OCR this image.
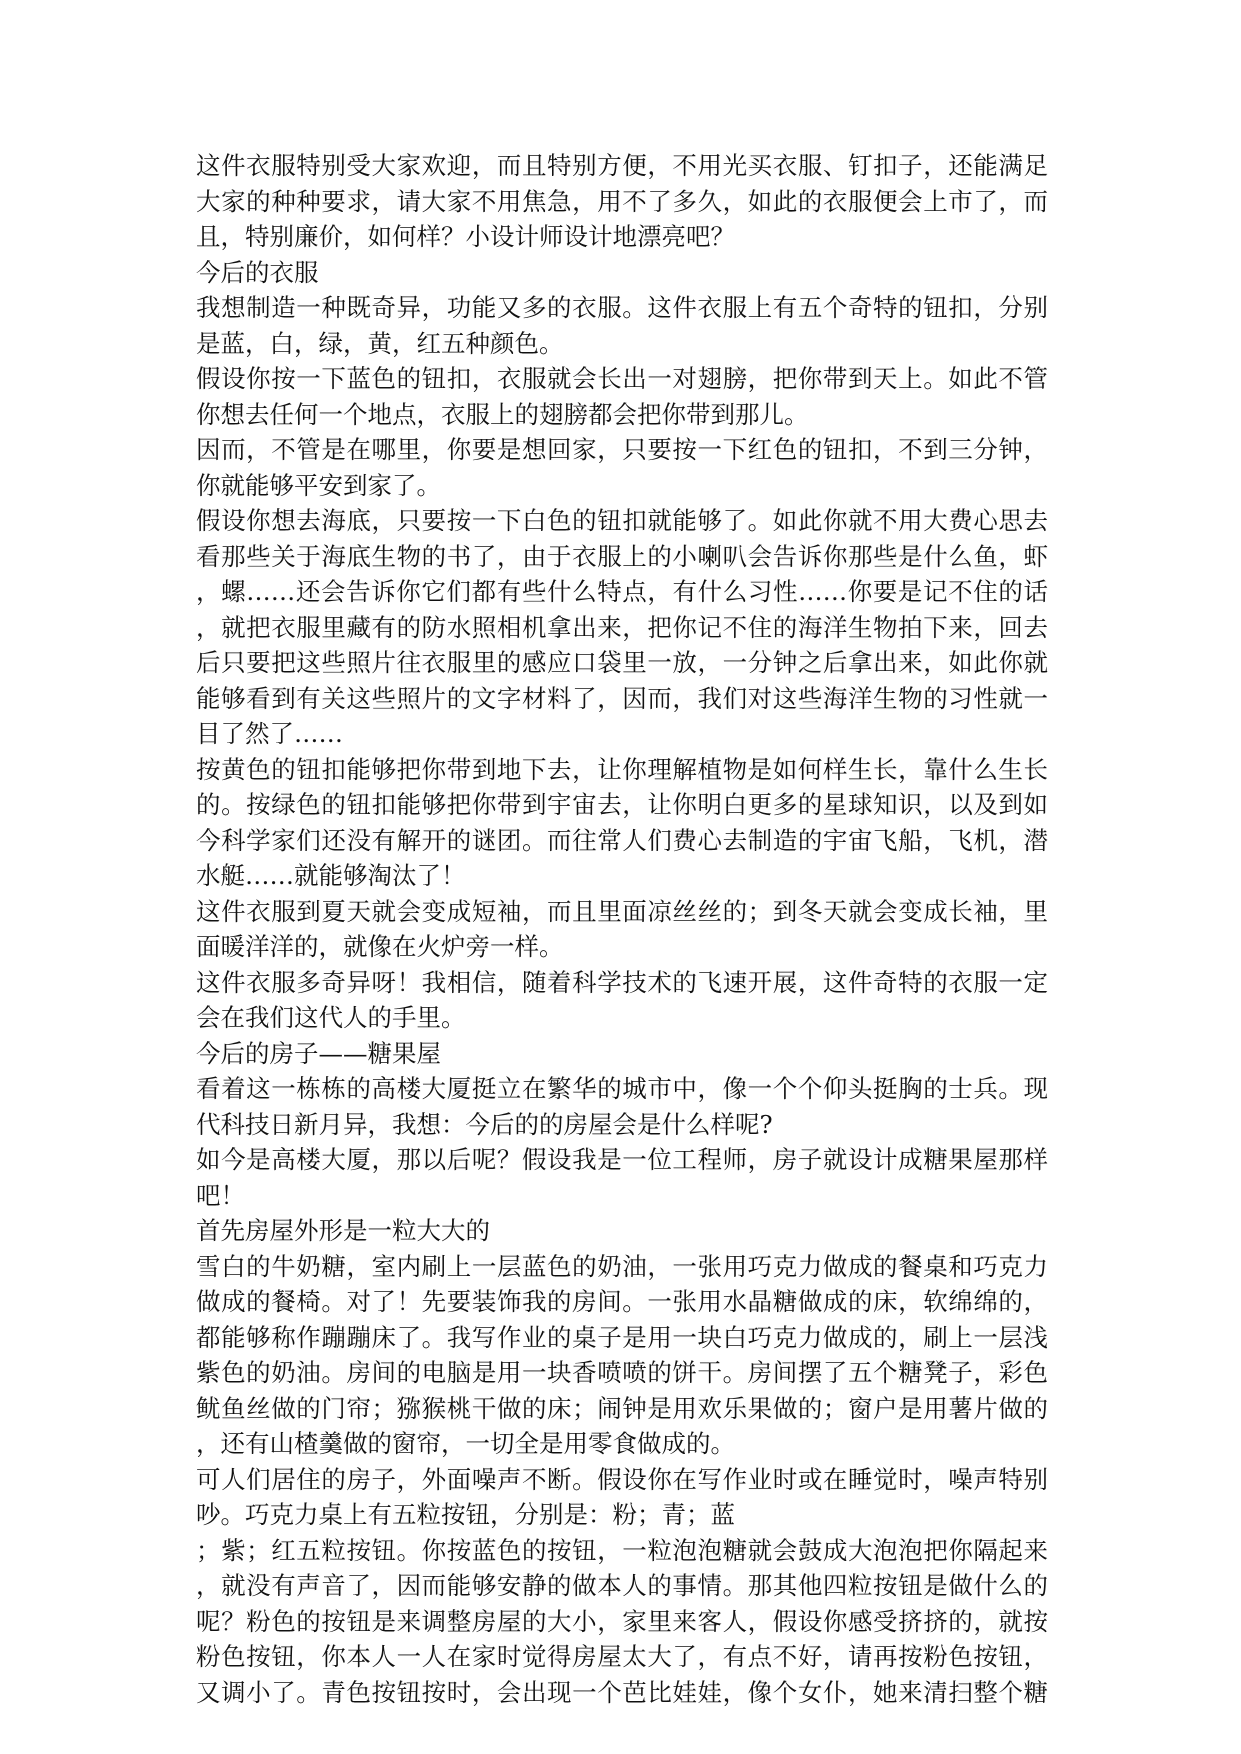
这件衣服特别受大家欢迎，而且特别方便，不用光买衣服、钉扣子，还能满足
大家的种种要求，请大家不用焦急，用不了多久，如此的衣服便会上市了，而
且，特别廉价，如何样？小设计师设计地漂亮吧？
今后的衣服
我想制造一种既奇异，功能又多的衣服。这件衣服上有五个奇特的钮扣，分别
是蓝，白，绿，黄，红五种颜色。
假设你按一下蓝色的钮扣，衣服就会长出一对翅膀，把你带到天上。如此不管
你想去任何一个地点，衣服上的翅膀都会把你带到那儿。
因而，不管是在哪里，你要是想回家，只要按一下红色的钮扣，不到三分钟，
你就能够平安到家了。
假设你想去海底，只要按一下白色的钮扣就能够了。如此你就不用大费心思去
看那些关于海底生物的书了，由于衣服上的小喇叭会告诉你那些是什么鱼，虾
，螺……还会告诉你它们都有些什么特点，有什么习性……你要是记不住的话
，就把衣服里藏有的防水照相机拿出来，把你记不住的海洋生物拍下来，回去
后只要把这些照片往衣服里的感应口袋里一放，一分钟之后拿出来，如此你就
能够看到有关这些照片的文字材料了，因而，我们对这些海洋生物的习性就一
目了然了……
按黄色的钮扣能够把你带到地下去，让你理解植物是如何样生长，靠什么生长
的。按绿色的钮扣能够把你带到宇宙去，让你明白更多的星球知识，以及到如
今科学家们还没有解开的谜团。而往常人们费心去制造的宇宙飞船，飞机，潜
水艇……就能够淘汰了！
这件衣服到夏天就会变成短袖，而且里面凉丝丝的；到冬天就会变成长袖，里
面暖洋洋的，就像在火炉旁一样。
这件衣服多奇异呀！我相信，随着科学技术的飞速开展，这件奇特的衣服一定
会在我们这代人的手里。
今后的房子——糖果屋
看着这一栋栋的高楼大厦挺立在繁华的城市中，像一个个仰头挺胸的士兵。现
代科技日新月异，我想：今后的的房屋会是什么样呢?
如今是高楼大厦，那以后呢？假设我是一位工程师，房子就设计成糖果屋那样
吧！
首先房屋外形是一粒大大的
雪白的牛奶糖，室内刷上一层蓝色的奶油，一张用巧克力做成的餐桌和巧克力
做成的餐椅。对了！先要装饰我的房间。一张用水晶糖做成的床，软绵绵的，
都能够称作蹦蹦床了。我写作业的桌子是用一块白巧克力做成的，刷上一层浅
紫色的奶油。房间的电脑是用一块香喷喷的饼干。房间摆了五个糖凳子，彩色
鱿鱼丝做的门帘；猕猴桃干做的床；闹钟是用欢乐果做的；窗户是用薯片做的
，还有山楂羹做的窗帘，一切全是用零食做成的。
可人们居住的房子，外面噪声不断。假设你在写作业时或在睡觉时，噪声特别
吵。巧克力桌上有五粒按钮，分别是：粉；青；蓝
；紫；红五粒按钮。你按蓝色的按钮，一粒泡泡糖就会鼓成大泡泡把你隔起来
，就没有声音了，因而能够安静的做本人的事情。那其他四粒按钮是做什么的
呢？粉色的按钮是来调整房屋的大小，家里来客人，假设你感受挤挤的，就按
粉色按钮，你本人一人在家时觉得房屋太大了，有点不好，请再按粉色按钮，
又调小了。青色按钮按时，会出现一个芭比娃娃，像个女仆，她来清扫整个糖
